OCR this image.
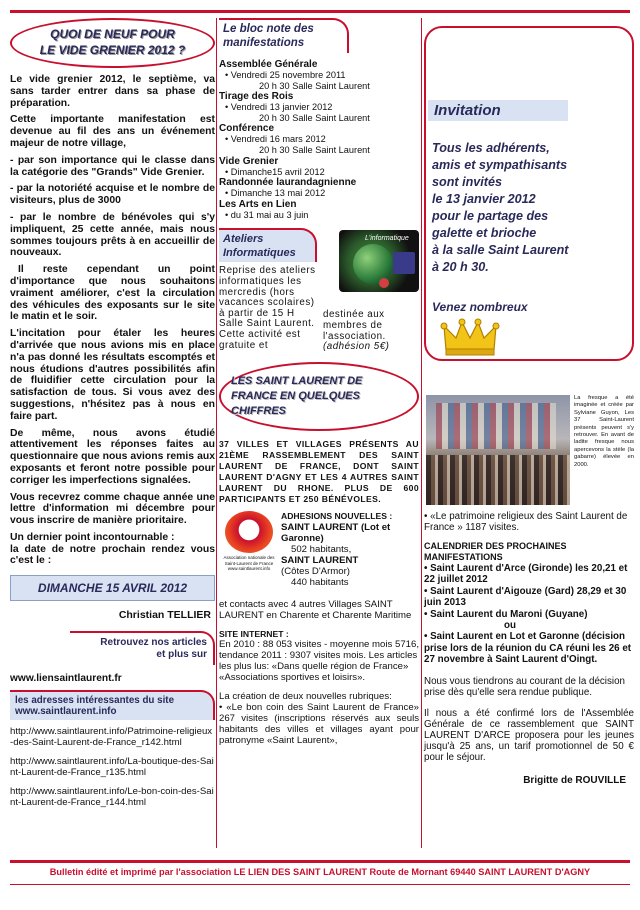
QUOI DE NEUF POUR
LE VIDE GRENIER 2012 ?
Le vide grenier 2012, le septième, va sans tarder entrer dans sa phase de préparation.
Cette importante manifestation est devenue au fil des ans un événement majeur de notre village,
- par son importance qui le classe dans la catégorie des "Grands" Vide Grenier.
- par la notoriété acquise et le nombre de visiteurs, plus de 3000
- par le nombre de bénévoles qui s'y impliquent, 25 cette année, mais nous sommes toujours prêts à en accueillir de nouveaux.
Il reste cependant un point d'importance que nous souhaitons vraiment améliorer, c'est la circulation des véhicules des exposants sur le site le matin et le soir.
L'incitation pour étaler les heures d'arrivée que nous avions mis en place n'a pas donné les résultats escomptés et nous étudions d'autres possibilités afin de fluidifier cette circulation pour la satisfaction de tous. Si vous avez des suggestions, n'hésitez pas à nous en faire part.
De même, nous avons étudié attentivement les réponses faites au questionnaire que nous avions remis aux exposants et feront notre possible pour corriger les imperfections signalées.
Vous recevrez comme chaque année une lettre d'information mi décembre pour vous inscrire de manière prioritaire.
Un dernier point incontournable :
la date de notre prochain rendez vous c'est le :
DIMANCHE 15 AVRIL 2012
Christian TELLIER
Retrouvez nos articles
et plus sur
www.liensaintlaurent.fr
les adresses intéressantes du site
www.saintlaurent.info
http://www.saintlaurent.info/Patrimoine-religieux-des-Saint-Laurent-de-France_r142.html
http://www.saintlaurent.info/La-boutique-des-Saint-Laurent-de-France_r135.html
http://www.saintlaurent.info/Le-bon-coin-des-Saint-Laurent-de-France_r144.html
Le bloc note des manifestations
Assemblée Générale
• Vendredi 25 novembre 2011
20 h 30 Salle Saint Laurent
Tirage des Rois
• Vendredi 13 janvier 2012
20 h 30 Salle Saint Laurent
Conférence
• Vendredi 16 mars 2012
20 h 30 Salle Saint Laurent
Vide Grenier
• Dimanche15 avril 2012
Randonnée laurandagnienne
• Dimanche 13 mai 2012
Les Arts en Lien
• du 31 mai au 3 juin
Ateliers Informatiques
L'informatique
Reprise des ateliers informatiques les mercredis (hors vacances scolaires) à partir de 15 H Salle Saint Laurent. Cette activité est gratuite et
destinée aux membres de l'association.
(adhésion 5€)
LES SAINT LAURENT DE FRANCE EN QUELQUES CHIFFRES
37 VILLES ET VILLAGES PRÉSENTS AU 21ÈME RASSEMBLEMENT DES SAINT LAURENT DE FRANCE, DONT SAINT LAURENT D'AGNY ET LES 4 AUTRES SAINT LAURENT DU RHONE. PLUS DE 600 PARTICIPANTS ET 250 BÉNÉVOLES.
Association nationale des Saint-Laurent de France
www.saintlaurent.info
ADHESIONS NOUVELLES :
SAINT LAURENT (Lot et Garonne)
502 habitants,
SAINT LAURENT
(Côtes D'Armor)
440 habitants
et contacts avec 4 autres Villages SAINT LAURENT en Charente et Charente Maritime
SITE INTERNET :
En 2010 : 88 053 visites - moyenne mois 5716, tendance 2011 : 9307 visites mois. Les articles les plus lus: «Dans quelle région de France» «Associations sportives et loisirs».
La création de deux nouvelles rubriques:
• «Le bon coin des Saint Laurent de France» 267 visites (inscriptions réservés aux seuls habitants des villes et villages ayant pour patronyme «Saint Laurent»,
Invitation
Tous les adhérents,
amis et sympathisants
sont invités
le 13 janvier 2012
pour le partage des
galette et brioche
à la salle Saint Laurent
à 20 h 30.
Venez nombreux
La fresque a été imaginée et créée par Sylviane Guyon, Les 37 Saint-Laurent présents peuvent s'y retrouver. En avant de ladite fresque nous apercevons la stèle (la gabarre) élevée en 2000.
• «Le patrimoine religieux des Saint Laurent de France » 1187 visites.
CALENDRIER DES PROCHAINES MANIFESTATIONS
• Saint Laurent d'Arce (Gironde) les 20,21 et 22 juillet 2012
• Saint Laurent d'Aigouze (Gard) 28,29 et 30 juin 2013
• Saint Laurent du Maroni (Guyane)
ou
• Saint Laurent en Lot et Garonne (décision prise lors de la réunion du CA réuni les 26 et 27 novembre à Saint Laurent d'Oingt.
Nous vous tiendrons au courant de la décision prise dès qu'elle sera rendue publique.
Il nous a été confirmé lors de l'Assemblée Générale de ce rassemblement que SAINT LAURENT D'ARCE proposera pour les jeunes jusqu'à 25 ans, un tarif promotionnel de 50 € pour le séjour.
Brigitte de ROUVILLE
Bulletin édité et imprimé par l'association LE LIEN DES SAINT LAURENT Route de Mornant 69440 SAINT LAURENT D'AGNY
